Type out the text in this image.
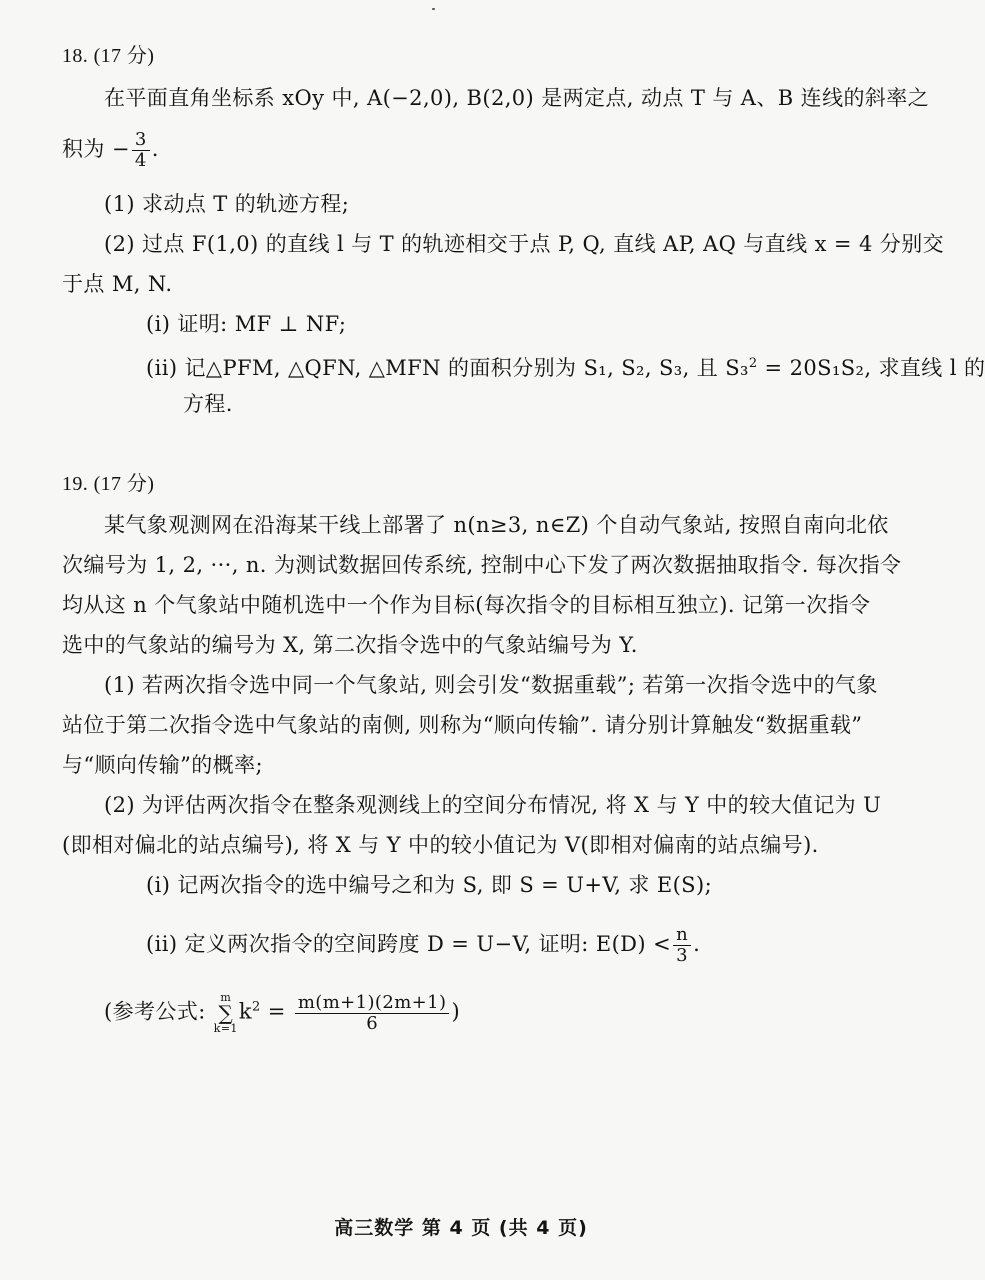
18. (17 分)
在平面直角坐标系 xOy 中, A(−2,0), B(2,0) 是两定点, 动点 T 与 A、B 连线的斜率之
积为 − $\frac{3}{4}$ .
(1) 求动点 T 的轨迹方程;
(2) 过点 F(1,0) 的直线 l 与 T 的轨迹相交于点 P, Q, 直线 AP, AQ 与直线 x = 4 分别交
于点 M, N.
(i) 证明: MF ⊥ NF;
(ii) 记△PFM, △QFN, △MFN 的面积分别为 S₁, S₂, S₃, 且 S₃$^2$ = 20S₁S₂, 求直线 l 的
方程.
19. (17 分)
某气象观测网在沿海某干线上部署了 n(n≥3, n∈Z) 个自动气象站, 按照自南向北依
次编号为 1, 2, ···, n. 为测试数据回传系统, 控制中心下发了两次数据抽取指令. 每次指令
均从这 n 个气象站中随机选中一个作为目标(每次指令的目标相互独立). 记第一次指令
选中的气象站的编号为 X, 第二次指令选中的气象站编号为 Y.
(1) 若两次指令选中同一个气象站, 则会引发“数据重载”; 若第一次指令选中的气象
站位于第二次指令选中气象站的南侧, 则称为“顺向传输”. 请分别计算触发“数据重载”
与“顺向传输”的概率;
(2) 为评估两次指令在整条观测线上的空间分布情况, 将 X 与 Y 中的较大值记为 U
(即相对偏北的站点编号), 将 X 与 Y 中的较小值记为 V(即相对偏南的站点编号).
(i) 记两次指令的选中编号之和为 S, 即 S = U+V, 求 E(S);
(ii) 定义两次指令的空间跨度 D = U−V, 证明: $E(D) < \frac{n}{3}$ .
(参考公式: m
∑
$k=1k^2 = \frac{m(m+1)(2m+1)}{6}$ )
高三数学 第 4 页 (共 4 页)
